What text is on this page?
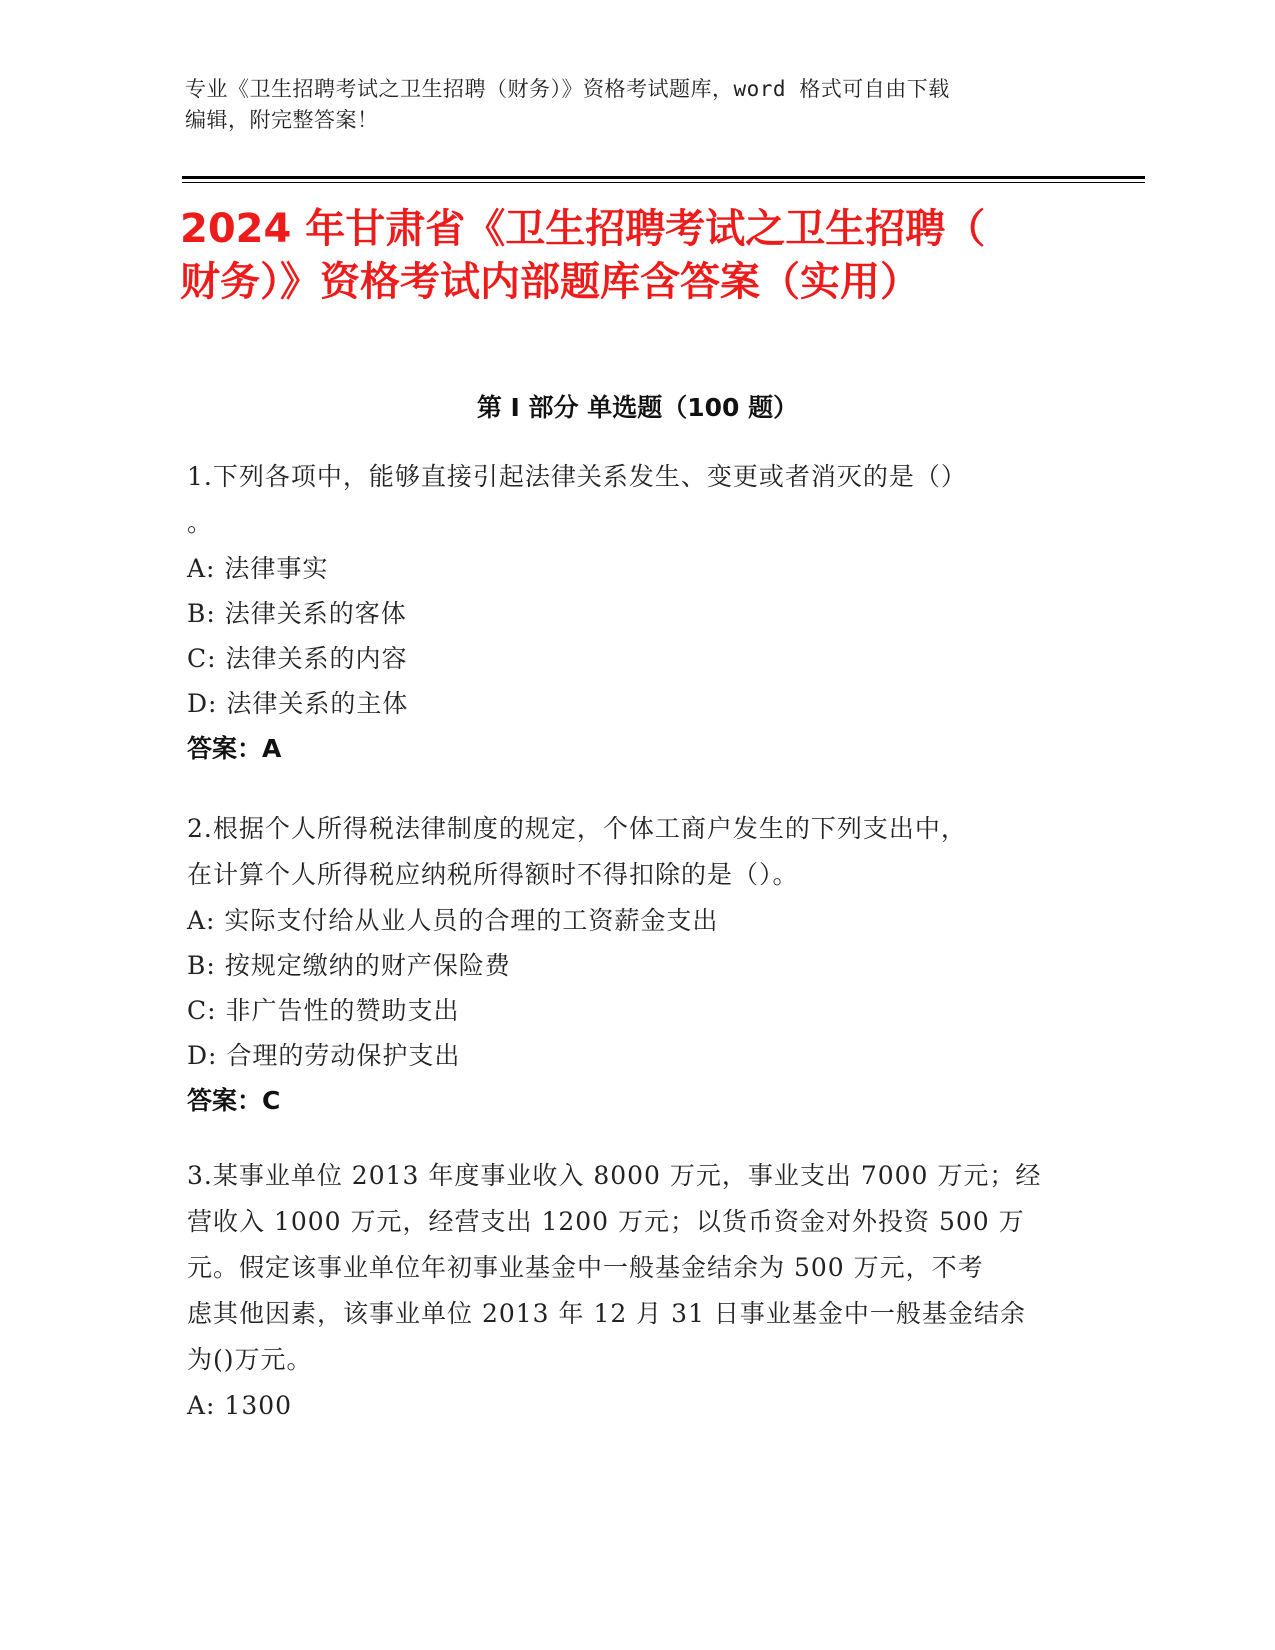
专业《卫生招聘考试之卫生招聘（财务）》资格考试题库，word 格式可自由下载

编辑，附完整答案！

2024 年甘肃省《卫生招聘考试之卫生招聘（

财务）》资格考试内部题库含答案（实用）

第 I 部分 单选题（100 题）

1.下列各项中，能够直接引起法律关系发生、变更或者消灭的是（）

。

A: 法律事实

B: 法律关系的客体

C: 法律关系的内容

D: 法律关系的主体

答案：A

2.根据个人所得税法律制度的规定，个体工商户发生的下列支出中，

在计算个人所得税应纳税所得额时不得扣除的是（）。

A: 实际支付给从业人员的合理的工资薪金支出

B: 按规定缴纳的财产保险费

C: 非广告性的赞助支出

D: 合理的劳动保护支出

答案：C

3.某事业单位 2013 年度事业收入 8000 万元，事业支出 7000 万元；经

营收入 1000 万元，经营支出 1200 万元；以货币资金对外投资 500 万

元。假定该事业单位年初事业基金中一般基金结余为 500 万元，不考

虑其他因素，该事业单位 2013 年 12 月 31 日事业基金中一般基金结余

为()万元。

A: 1300
